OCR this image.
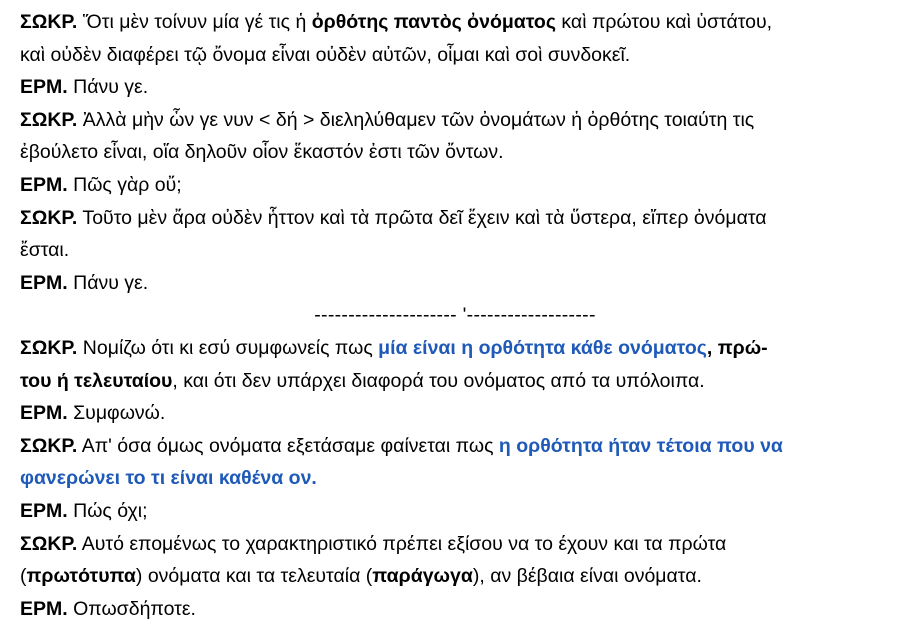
ΣΩΚΡ. Ὅτι μὲν τοίνυν μία γέ τις ἡ ὀρθότης παντὸς ὀνόματος καὶ πρώτου καὶ ὑστάτου,
καὶ οὐδὲν διαφέρει τῷ ὄνομα εἶναι οὐδὲν αὐτῶν, οἶμαι καὶ σοὶ συνδοκεῖ.
ΕΡΜ. Πάνυ γε.
ΣΩΚΡ. Ἀλλὰ μὴν ὧν γε νυν < δή > διεληλύθαμεν τῶν ὀνομάτων ἡ ὀρθότης τοιαύτη τις
ἐβούλετο εἶναι, οἵα δηλοῦν οἷον ἕκαστόν ἐστι τῶν ὄντων.
ΕΡΜ. Πῶς γὰρ οὔ;
ΣΩΚΡ. Τοῦτο μὲν ἄρα οὐδὲν ἧττον καὶ τὰ πρῶτα δεῖ ἔχειν καὶ τὰ ὕστερα, εἴπερ ὀνόματα
ἔσται.
ΕΡΜ. Πάνυ γε.
--------------------- '-------------------
ΣΩΚΡ. Νομίζω ότι κι εσύ συμφωνείς πως μία είναι η ορθότητα κάθε ονόματος, πρώ-
του ή τελευταίου, και ότι δεν υπάρχει διαφορά του ονόματος από τα υπόλοιπα.
ΕΡΜ. Συμφωνώ.
ΣΩΚΡ. Απ' όσα όμως ονόματα εξετάσαμε φαίνεται πως η ορθότητα ήταν τέτοια που να
φανερώνει το τι είναι καθένα ον.
ΕΡΜ. Πώς όχι;
ΣΩΚΡ. Αυτό επομένως το χαρακτηριστικό πρέπει εξίσου να το έχουν και τα πρώτα
(πρωτότυπα) ονόματα και τα τελευταία (παράγωγα), αν βέβαια είναι ονόματα.
ΕΡΜ. Οπωσδήποτε.
